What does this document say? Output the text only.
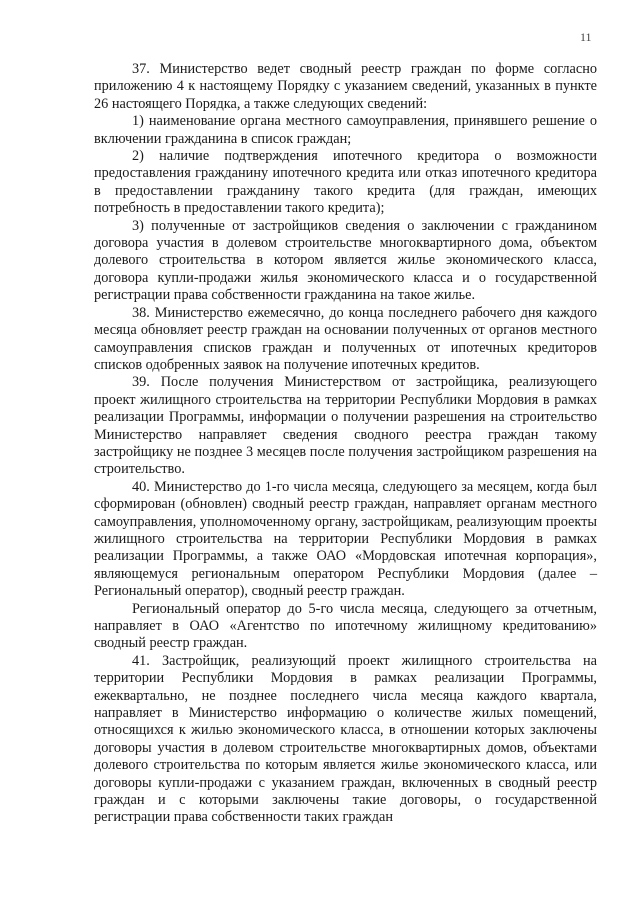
11

37. Министерство ведет сводный реестр граждан по форме согласно приложению 4 к настоящему Порядку с указанием сведений, указанных в пункте 26 настоящего Порядка, а также следующих сведений:

1) наименование органа местного самоуправления, принявшего решение о включении гражданина в список граждан;

2) наличие подтверждения ипотечного кредитора о возможности предоставления гражданину ипотечного кредита или отказ ипотечного кредитора в предоставлении гражданину такого кредита (для граждан, имеющих потребность в предоставлении такого кредита);

3) полученные от застройщиков сведения о заключении с гражданином договора участия в долевом строительстве многоквартирного дома, объектом долевого строительства в котором является жилье экономического класса, договора купли-продажи жилья экономического класса и о государственной регистрации права собственности гражданина на такое жилье.

38. Министерство ежемесячно, до конца последнего рабочего дня каждого месяца обновляет реестр граждан на основании полученных от органов местного самоуправления списков граждан и полученных от ипотечных кредиторов списков одобренных заявок на получение ипотечных кредитов.

39. После получения Министерством от застройщика, реализующего проект жилищного строительства на территории Республики Мордовия в рамках реализации Программы, информации о получении разрешения на строительство Министерство направляет сведения сводного реестра граждан такому застройщику не позднее 3 месяцев после получения застройщиком разрешения на строительство.

40. Министерство до 1-го числа месяца, следующего за месяцем, когда был сформирован (обновлен) сводный реестр граждан, направляет органам местного самоуправления, уполномоченному органу, застройщикам, реализующим проекты жилищного строительства на территории Республики Мордовия в рамках реализации Программы, а также ОАО «Мордовская ипотечная корпорация», являющемуся региональным оператором Республики Мордовия (далее – Региональный оператор), сводный реестр граждан.

Региональный оператор до 5-го числа месяца, следующего за отчетным, направляет в ОАО «Агентство по ипотечному жилищному кредитованию» сводный реестр граждан.

41. Застройщик, реализующий проект жилищного строительства на территории Республики Мордовия в рамках реализации Программы, ежеквартально, не позднее последнего числа месяца каждого квартала, направляет в Министерство информацию о количестве жилых помещений, относящихся к жилью экономического класса, в отношении которых заключены договоры участия в долевом строительстве многоквартирных домов, объектами долевого строительства по которым является жилье экономического класса, или договоры купли-продажи с указанием граждан, включенных в сводный реестр граждан и с которыми заключены такие договоры, о государственной регистрации права собственности таких граждан
